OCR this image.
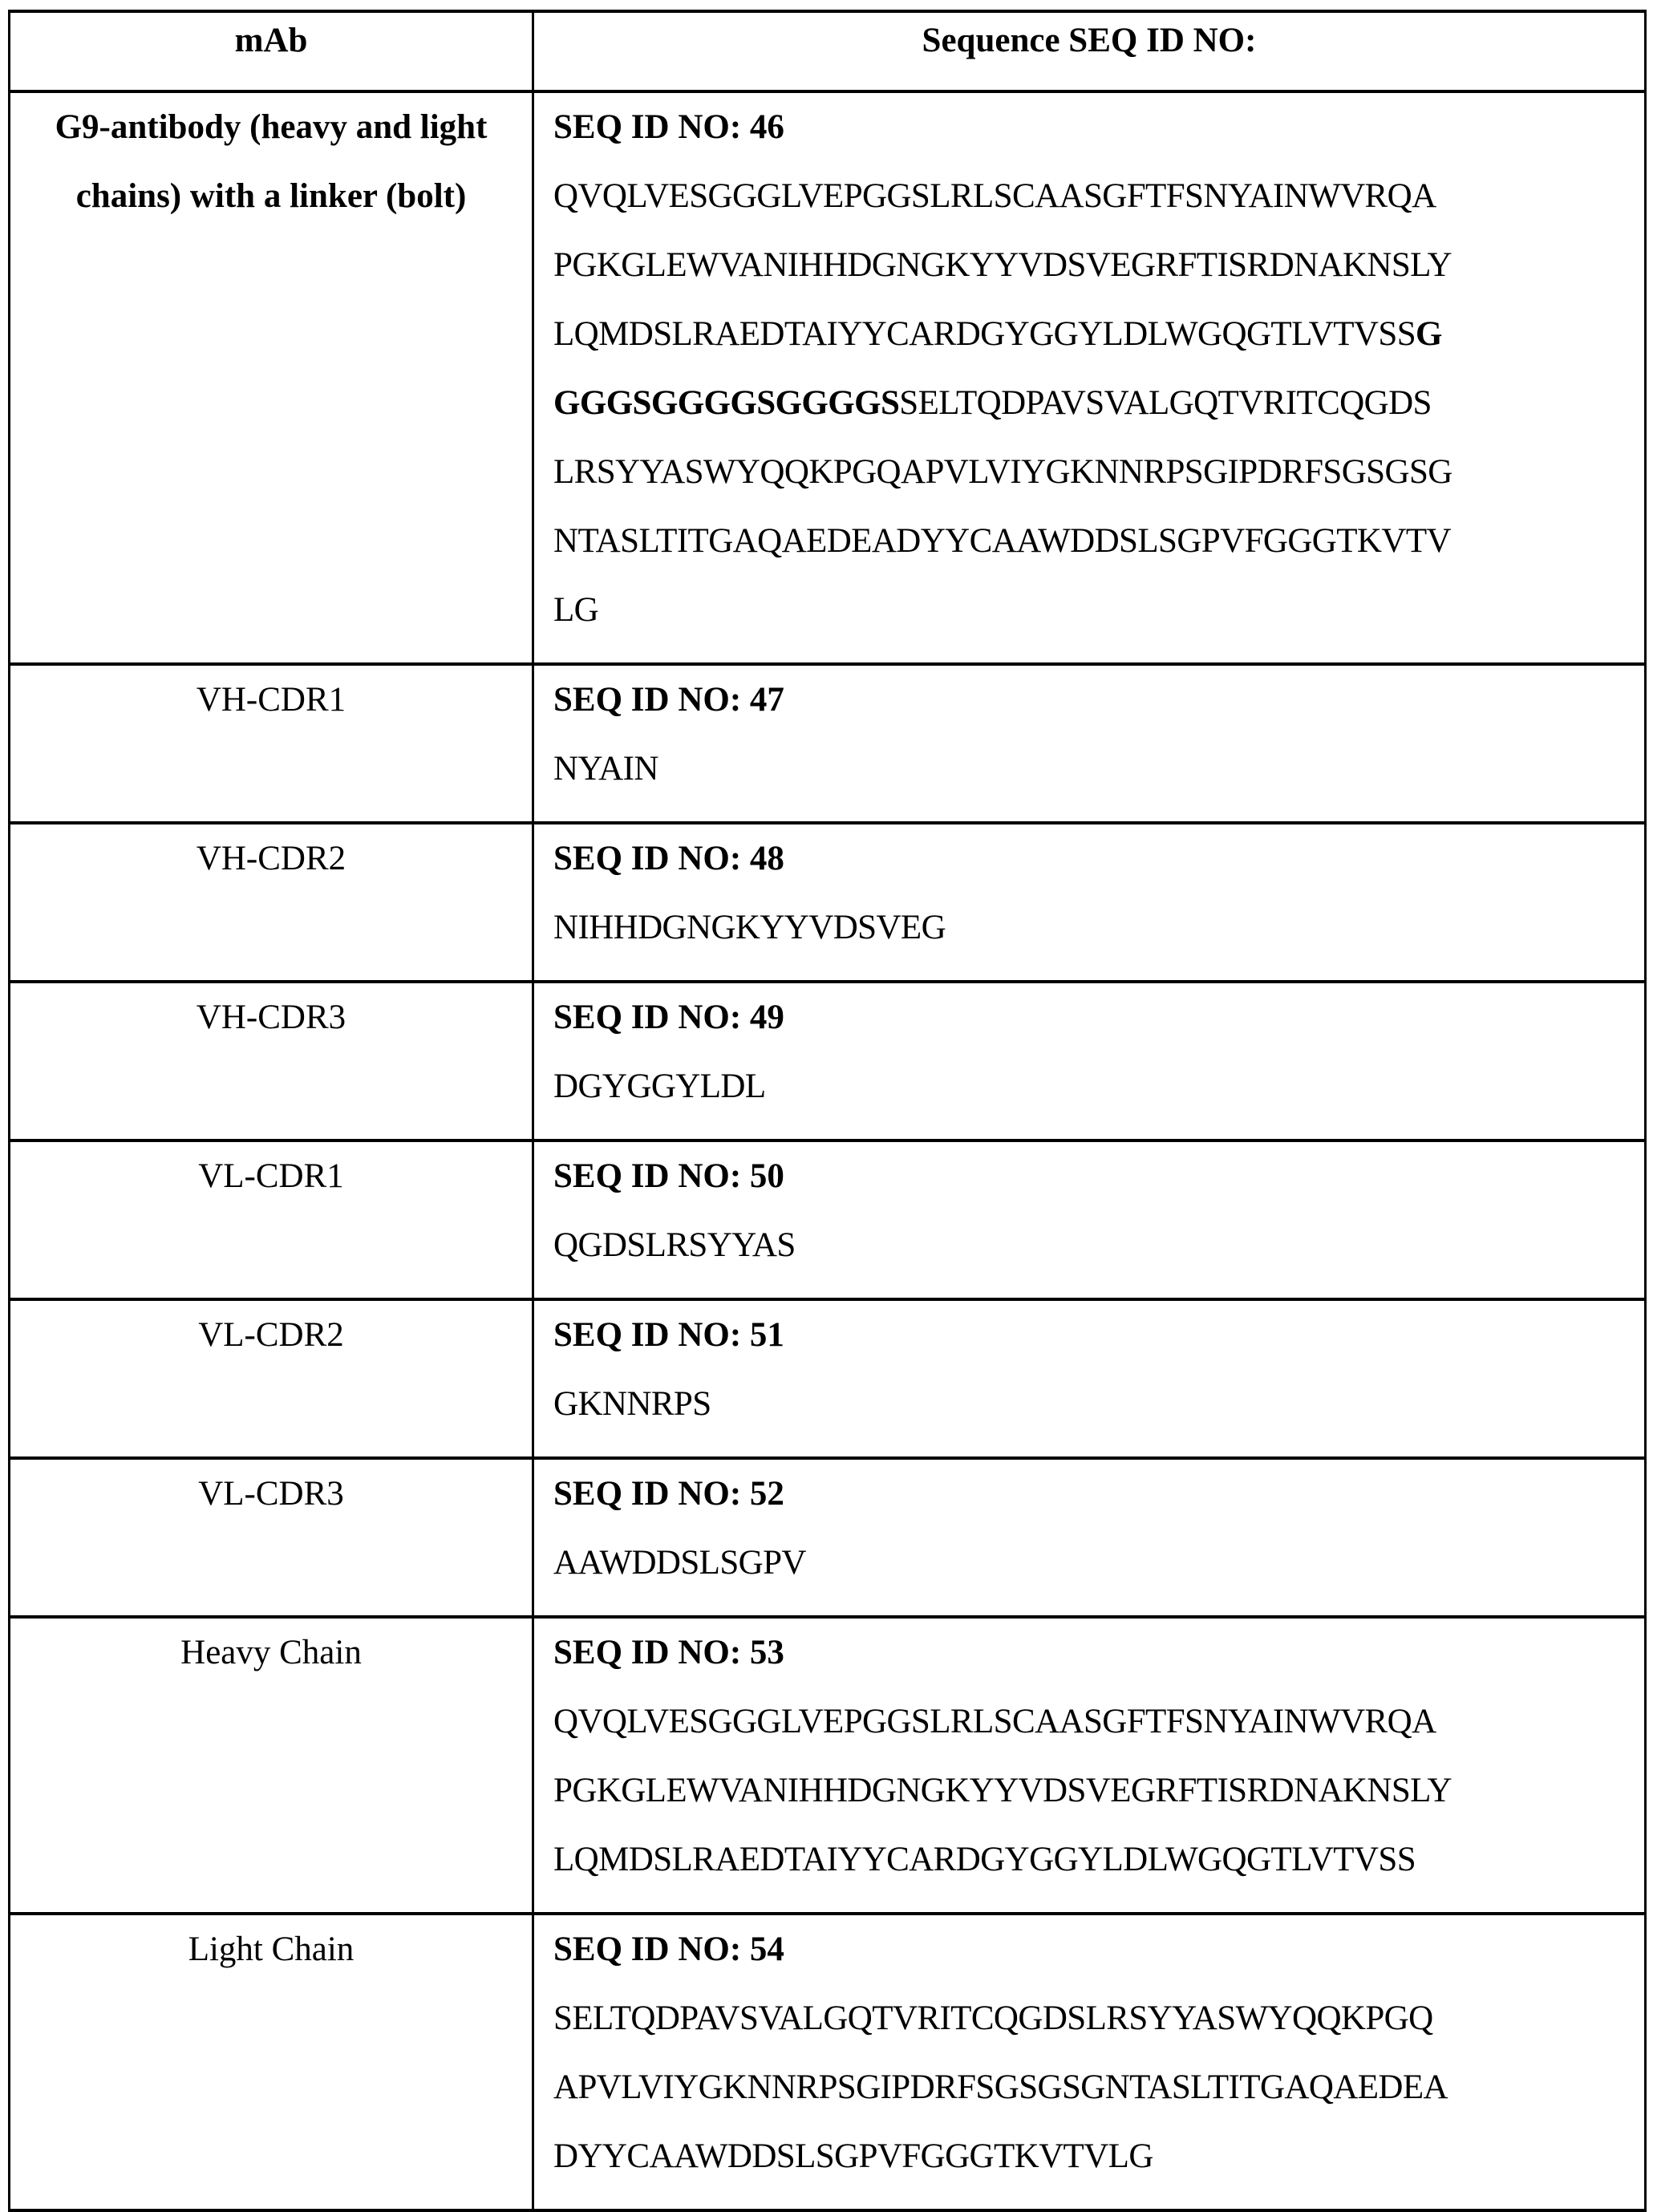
mAb	Sequence SEQ ID NO:
G9-antibody (heavy and light chains) with a linker (bolt)	
SEQ ID NO: 46
QVQLVESGGGLVEPGGSLRLSCAASGFTFSNYAINWVRQA
PGKGLEWVANIHHDGNGKYYVDSVEGRFTISRDNAKNSLY
LQMDSLRAEDTAIYYCARDGYGGYLDLWGQGTLVTVSSG
GGGSGGGGSGGGGSSELTQDPAVSVALGQTVRITCQGDS
LRSYYASWYQQKPGQAPVLVIYGKNNRPSGIPDRFSGSGSG
NTASLTITGAQAEDEADYYCAAWDDSLSGPVFGGGTKVTV
LG

VH-CDR1	SEQ ID NO: 47
NYAIN

VH-CDR2	SEQ ID NO: 48
NIHHDGNGKYYVDSVEG

VH-CDR3	SEQ ID NO: 49
DGYGGYLDL

VL-CDR1	SEQ ID NO: 50
QGDSLRSYYAS

VL-CDR2	SEQ ID NO: 51
GKNNRPS

VL-CDR3	SEQ ID NO: 52
AAWDDSLSGPV

Heavy Chain	SEQ ID NO: 53
QVQLVESGGGLVEPGGSLRLSCAASGFTFSNYAINWVRQA
PGKGLEWVANIHHDGNGKYYVDSVEGRFTISRDNAKNSLY
LQMDSLRAEDTAIYYCARDGYGGYLDLWGQGTLVTVSS

Light Chain	SEQ ID NO: 54
SELTQDPAVSVALGQTVRITCQGDSLRSYYASWYQQKPGQ
APVLVIYGKNNRPSGIPDRFSGSGSGNTASLTITGAQAEDEA
DYYCAAWDDSLSGPVFGGGTKVTVLG
